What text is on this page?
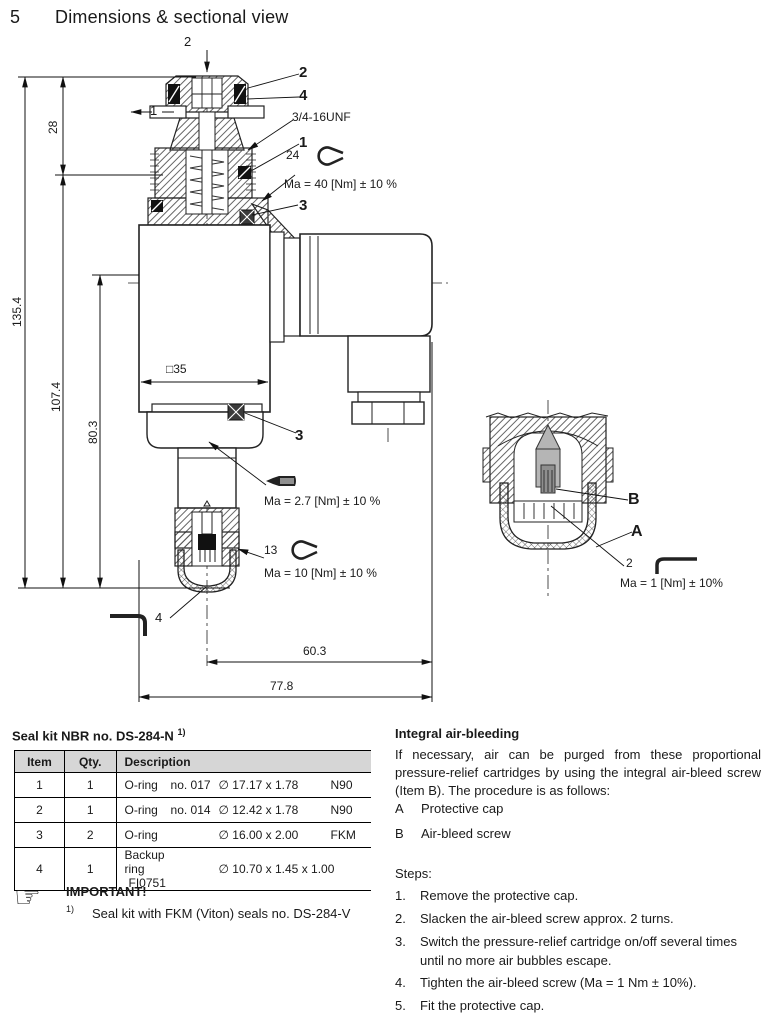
5 Dimensions & sectional view
2
1
2
4
3/4-16UNF
1
24
Ma = 40 [Nm] ± 10 %
3
3
Ma = 2.7 [Nm] ± 10 %
13
Ma = 10 [Nm] ± 10 %
4
□35
60.3
77.8
28
135.4
107.4
80.3
B
A
2
Ma = 1 [Nm] ± 10%
Seal kit NBR no. DS-284-N $^{1)}$
Item	Qty.	Description
1	1	O-ring no. 017 ∅ 17.17 x 1.78 N90
2	1	O-ring no. 014 ∅ 12.42 x 1.78 N90
3	2	O-ring ∅ 16.00 x 2.00 FKM
4	1	Backup ring ∅ 10.70 x 1.45 x 1.00FI0751
☞ IMPORTANT!
$^{1)}$ Seal kit with FKM (Viton) seals no. DS-284-V
Integral air-bleeding
If necessary, air can be purged from these proportional pressure-relief cartridges by using the integral air-bleed screw (Item B). The procedure is as follows:
A Protective cap
B Air-bleed screw
Steps:
1. Remove the protective cap.
2. Slacken the air-bleed screw approx. 2 turns.
3. Switch the pressure-relief cartridge on/off several times until no more air bubbles escape.
4. Tighten the air-bleed screw (Ma = 1 Nm ± 10%).
5. Fit the protective cap.
